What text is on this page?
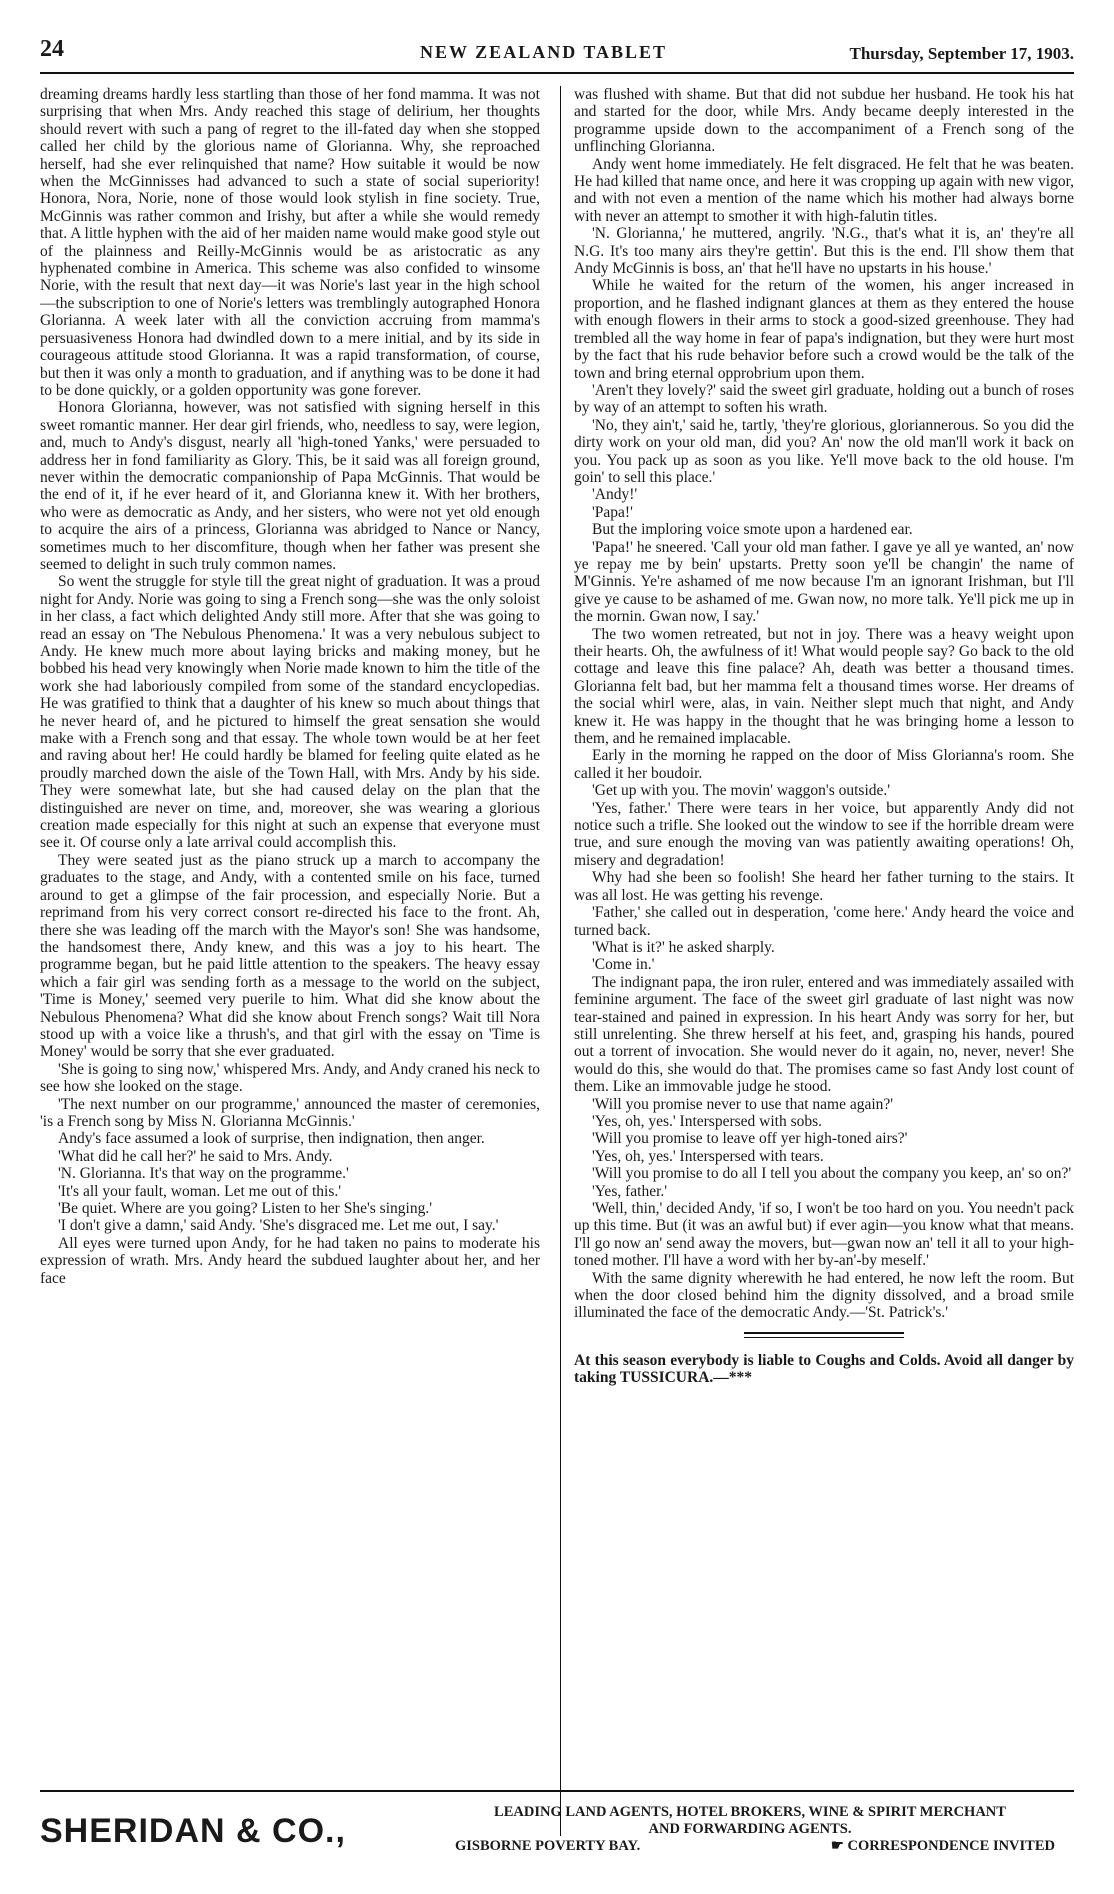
24	NEW ZEALAND TABLET	Thursday, September 17, 1903.

dreaming dreams hardly less startling than those of her fond mamma. It was not surprising that when Mrs. Andy reached this stage of delirium, her thoughts should revert with such a pang of regret to the ill-fated day when she stopped called her child by the glorious name of Glorianna. Why, she reproached herself, had she ever relinquished that name? How suitable it would be now when the McGinnisses had advanced to such a state of social superiority! Honora, Nora, Norie, none of those would look stylish in fine society. True, McGinnis was rather common and Irishy, but after a while she would remedy that. A little hyphen with the aid of her maiden name would make good style out of the plainness and Reilly-McGinnis would be as aristocratic as any hyphenated combine in America. This scheme was also confided to winsome Norie, with the result that next day—it was Norie's last year in the high school—the subscription to one of Norie's letters was tremblingly autographed Honora Glorianna. A week later with all the conviction accruing from mamma's persuasiveness Honora had dwindled down to a mere initial, and by its side in courageous attitude stood Glorianna. It was a rapid transformation, of course, but then it was only a month to graduation, and if anything was to be done it had to be done quickly, or a golden opportunity was gone forever.

Honora Glorianna, however, was not satisfied with signing herself in this sweet romantic manner. Her dear girl friends, who, needless to say, were legion, and, much to Andy's disgust, nearly all 'high-toned Yanks,' were persuaded to address her in fond familiarity as Glory. This, be it said was all foreign ground, never within the democratic companionship of Papa McGinnis. That would be the end of it, if he ever heard of it, and Glorianna knew it. With her brothers, who were as democratic as Andy, and her sisters, who were not yet old enough to acquire the airs of a princess, Glorianna was abridged to Nance or Nancy, sometimes much to her discomfiture, though when her father was present she seemed to delight in such truly common names.

So went the struggle for style till the great night of graduation. It was a proud night for Andy. Norie was going to sing a French song—she was the only soloist in her class, a fact which delighted Andy still more. After that she was going to read an essay on 'The Nebulous Phenomena.' It was a very nebulous subject to Andy. He knew much more about laying bricks and making money, but he bobbed his head very knowingly when Norie made known to him the title of the work she had laboriously compiled from some of the standard encyclopedias. He was gratified to think that a daughter of his knew so much about things that he never heard of, and he pictured to himself the great sensation she would make with a French song and that essay. The whole town would be at her feet and raving about her! He could hardly be blamed for feeling quite elated as he proudly marched down the aisle of the Town Hall, with Mrs. Andy by his side. They were somewhat late, but she had caused delay on the plan that the distinguished are never on time, and, moreover, she was wearing a glorious creation made especially for this night at such an expense that everyone must see it. Of course only a late arrival could accomplish this.

They were seated just as the piano struck up a march to accompany the graduates to the stage, and Andy, with a contented smile on his face, turned around to get a glimpse of the fair procession, and especially Norie. But a reprimand from his very correct consort re-directed his face to the front. Ah, there she was leading off the march with the Mayor's son! She was handsome, the handsomest there, Andy knew, and this was a joy to his heart. The programme began, but he paid little attention to the speakers. The heavy essay which a fair girl was sending forth as a message to the world on the subject, 'Time is Money,' seemed very puerile to him. What did she know about the Nebulous Phenomena? What did she know about French songs? Wait till Nora stood up with a voice like a thrush's, and that girl with the essay on 'Time is Money' would be sorry that she ever graduated.

'She is going to sing now,' whispered Mrs. Andy, and Andy craned his neck to see how she looked on the stage.

'The next number on our programme,' announced the master of ceremonies, 'is a French song by Miss N. Glorianna McGinnis.'

Andy's face assumed a look of surprise, then indignation, then anger.

'What did he call her?' he said to Mrs. Andy.

'N. Glorianna. It's that way on the programme.'

'It's all your fault, woman. Let me out of this.'

'Be quiet. Where are you going? Listen to her She's singing.'

'I don't give a damn,' said Andy. 'She's disgraced me. Let me out, I say.'

All eyes were turned upon Andy, for he had taken no pains to moderate his expression of wrath. Mrs. Andy heard the subdued laughter about her, and her face

was flushed with shame. But that did not subdue her husband. He took his hat and started for the door, while Mrs. Andy became deeply interested in the programme upside down to the accompaniment of a French song of the unflinching Glorianna.

Andy went home immediately. He felt disgraced. He felt that he was beaten. He had killed that name once, and here it was cropping up again with new vigor, and with not even a mention of the name which his mother had always borne with never an attempt to smother it with high-falutin titles.

'N. Glorianna,' he muttered, angrily. 'N.G., that's what it is, an' they're all N.G. It's too many airs they're gettin'. But this is the end. I'll show them that Andy McGinnis is boss, an' that he'll have no upstarts in his house.'

While he waited for the return of the women, his anger increased in proportion, and he flashed indignant glances at them as they entered the house with enough flowers in their arms to stock a good-sized greenhouse. They had trembled all the way home in fear of papa's indignation, but they were hurt most by the fact that his rude behavior before such a crowd would be the talk of the town and bring eternal opprobrium upon them.

'Aren't they lovely?' said the sweet girl graduate, holding out a bunch of roses by way of an attempt to soften his wrath.

'No, they ain't,' said he, tartly, 'they're glorious, gloriannerous. So you did the dirty work on your old man, did you? An' now the old man'll work it back on you. You pack up as soon as you like. Ye'll move back to the old house. I'm goin' to sell this place.'

'Andy!'

'Papa!'

But the imploring voice smote upon a hardened ear.

'Papa!' he sneered. 'Call your old man father. I gave ye all ye wanted, an' now ye repay me by bein' upstarts. Pretty soon ye'll be changin' the name of M'Ginnis. Ye're ashamed of me now because I'm an ignorant Irishman, but I'll give ye cause to be ashamed of me. Gwan now, no more talk. Ye'll pick me up in the mornin. Gwan now, I say.'

The two women retreated, but not in joy. There was a heavy weight upon their hearts. Oh, the awfulness of it! What would people say? Go back to the old cottage and leave this fine palace? Ah, death was better a thousand times. Glorianna felt bad, but her mamma felt a thousand times worse. Her dreams of the social whirl were, alas, in vain. Neither slept much that night, and Andy knew it. He was happy in the thought that he was bringing home a lesson to them, and he remained implacable.

Early in the morning he rapped on the door of Miss Glorianna's room. She called it her boudoir.

'Get up with you. The movin' waggon's outside.'

'Yes, father.' There were tears in her voice, but apparently Andy did not notice such a trifle. She looked out the window to see if the horrible dream were true, and sure enough the moving van was patiently awaiting operations! Oh, misery and degradation!

Why had she been so foolish! She heard her father turning to the stairs. It was all lost. He was getting his revenge.

'Father,' she called out in desperation, 'come here.' Andy heard the voice and turned back.

'What is it?' he asked sharply.

'Come in.'

The indignant papa, the iron ruler, entered and was immediately assailed with feminine argument. The face of the sweet girl graduate of last night was now tear-stained and pained in expression. In his heart Andy was sorry for her, but still unrelenting. She threw herself at his feet, and, grasping his hands, poured out a torrent of invocation. She would never do it again, no, never, never! She would do this, she would do that. The promises came so fast Andy lost count of them. Like an immovable judge he stood.

'Will you promise never to use that name again?'

'Yes, oh, yes.' Interspersed with sobs.

'Will you promise to leave off yer high-toned airs?'

'Yes, oh, yes.' Interspersed with tears.

'Will you promise to do all I tell you about the company you keep, an' so on?'

'Yes, father.'

'Well, thin,' decided Andy, 'if so, I won't be too hard on you. You needn't pack up this time. But (it was an awful but) if ever agin—you know what that means. I'll go now an' send away the movers, but—gwan now an' tell it all to your high-toned mother. I'll have a word with her by-an'-by meself.'

With the same dignity wherewith he had entered, he now left the room. But when the door closed behind him the dignity dissolved, and a broad smile illuminated the face of the democratic Andy.—'St. Patrick's.'

At this season everybody is liable to Coughs and Colds. Avoid all danger by taking TUSSICURA.—***

SHERIDAN & CO.,	LEADING LAND AGENTS, HOTEL BROKERS, WINE & SPIRIT MERCHANT
AND FORWARDING AGENTS.
GISBORNE POVERTY BAY.	☛ CORRESPONDENCE INVITED
